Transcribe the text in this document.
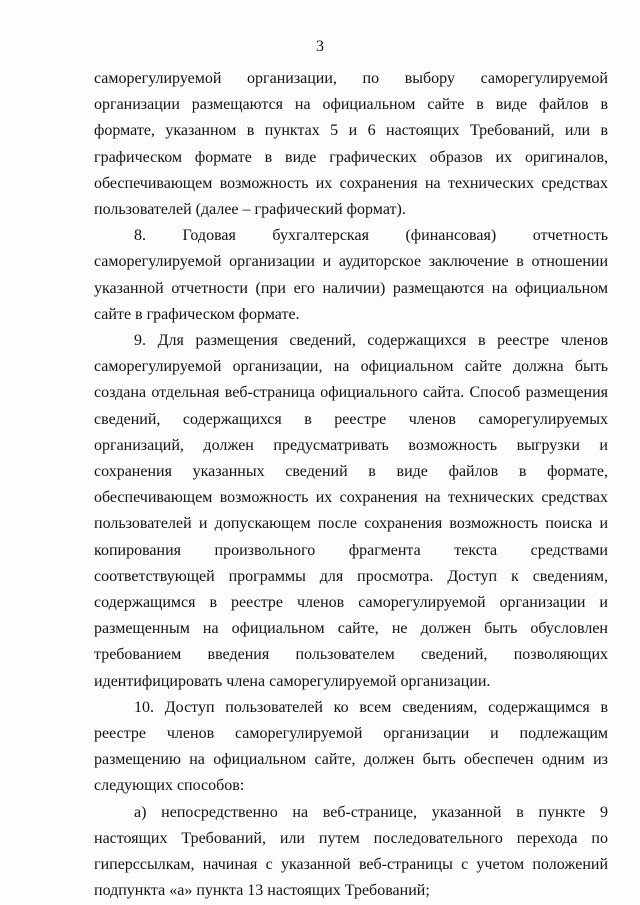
3

саморегулируемой организации, по выбору саморегулируемой организации размещаются на официальном сайте в виде файлов в формате, указанном в пунктах 5 и 6 настоящих Требований, или в графическом формате в виде графических образов их оригиналов, обеспечивающем возможность их сохранения на технических средствах пользователей (далее – графический формат).

8. Годовая бухгалтерская (финансовая) отчетность саморегулируемой организации и аудиторское заключение в отношении указанной отчетности (при его наличии) размещаются на официальном сайте в графическом формате.

9. Для размещения сведений, содержащихся в реестре членов саморегулируемой организации, на официальном сайте должна быть создана отдельная веб-страница официального сайта. Способ размещения сведений, содержащихся в реестре членов саморегулируемых организаций, должен предусматривать возможность выгрузки и сохранения указанных сведений в виде файлов в формате, обеспечивающем возможность их сохранения на технических средствах пользователей и допускающем после сохранения возможность поиска и копирования произвольного фрагмента текста средствами соответствующей программы для просмотра. Доступ к сведениям, содержащимся в реестре членов саморегулируемой организации и размещенным на официальном сайте, не должен быть обусловлен требованием введения пользователем сведений, позволяющих идентифицировать члена саморегулируемой организации.

10. Доступ пользователей ко всем сведениям, содержащимся в реестре членов саморегулируемой организации и подлежащим размещению на официальном сайте, должен быть обеспечен одним из следующих способов:

а) непосредственно на веб-странице, указанной в пункте 9 настоящих Требований, или путем последовательного перехода по гиперссылкам, начиная с указанной веб-страницы с учетом положений подпункта «а» пункта 13 настоящих Требований;
